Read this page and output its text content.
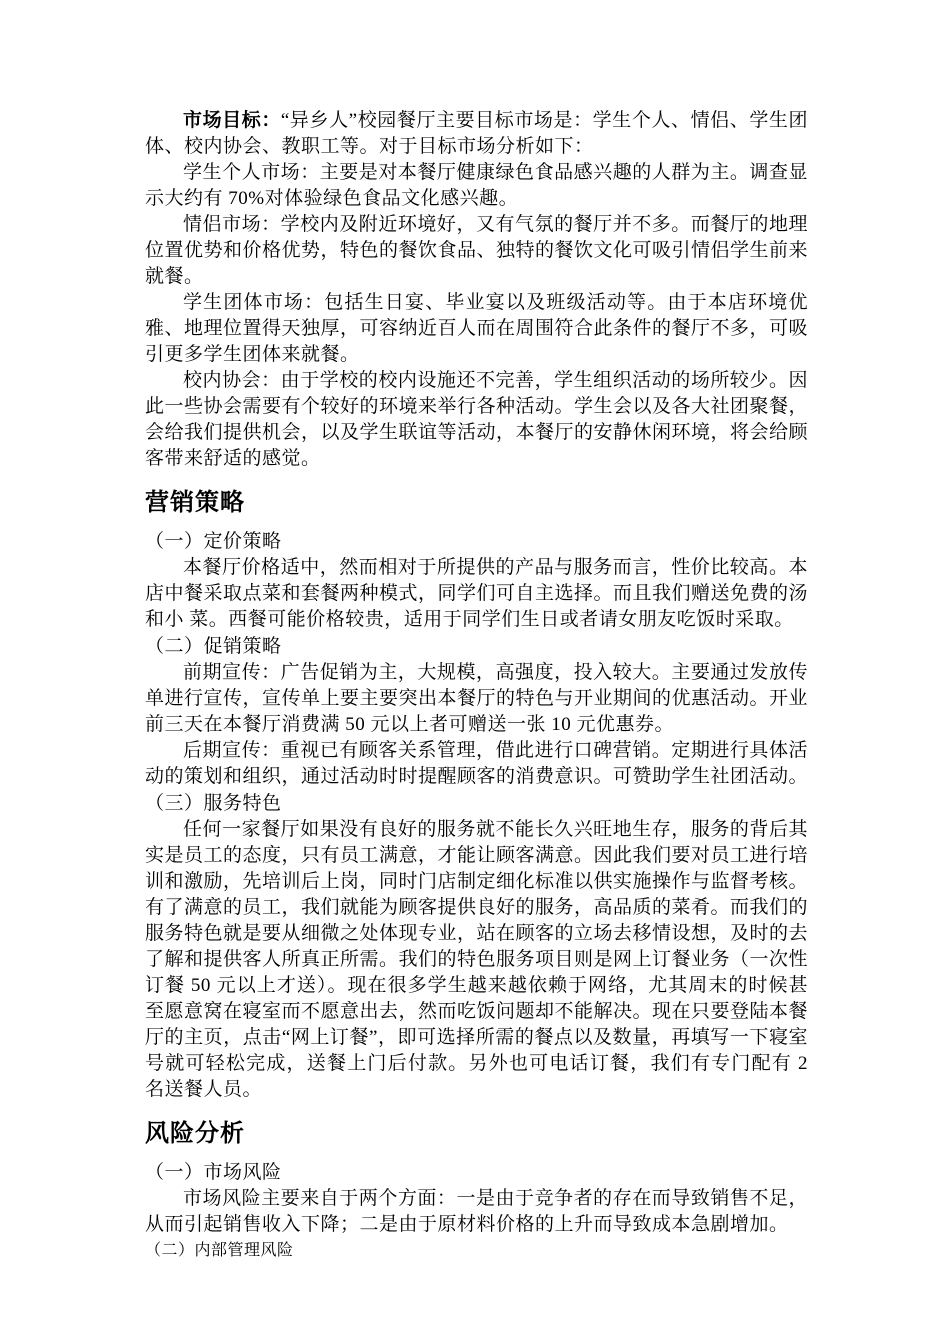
市场目标：“异乡人”校园餐厅主要目标市场是：学生个人、情侣、学生团体、校内协会、教职工等。对于目标市场分析如下：

学生个人市场：主要是对本餐厅健康绿色食品感兴趣的人群为主。调查显示大约有 70%对体验绿色食品文化感兴趣。

情侣市场：学校内及附近环境好，又有气氛的餐厅并不多。而餐厅的地理位置优势和价格优势，特色的餐饮食品、独特的餐饮文化可吸引情侣学生前来就餐。

学生团体市场：包括生日宴、毕业宴以及班级活动等。由于本店环境优雅、地理位置得天独厚，可容纳近百人而在周围符合此条件的餐厅不多，可吸引更多学生团体来就餐。

校内协会：由于学校的校内设施还不完善，学生组织活动的场所较少。因此一些协会需要有个较好的环境来举行各种活动。学生会以及各大社团聚餐，会给我们提供机会，以及学生联谊等活动，本餐厅的安静休闲环境，将会给顾客带来舒适的感觉。

营销策略

（一）定价策略

本餐厅价格适中，然而相对于所提供的产品与服务而言，性价比较高。本店中餐采取点菜和套餐两种模式，同学们可自主选择。而且我们赠送免费的汤和小 菜。西餐可能价格较贵，适用于同学们生日或者请女朋友吃饭时采取。

（二）促销策略

前期宣传：广告促销为主，大规模，高强度，投入较大。主要通过发放传单进行宣传，宣传单上要主要突出本餐厅的特色与开业期间的优惠活动。开业前三天在本餐厅消费满 50 元以上者可赠送一张 10 元优惠券。

后期宣传：重视已有顾客关系管理，借此进行口碑营销。定期进行具体活动的策划和组织，通过活动时时提醒顾客的消费意识。可赞助学生社团活动。

（三）服务特色

任何一家餐厅如果没有良好的服务就不能长久兴旺地生存，服务的背后其实是员工的态度，只有员工满意，才能让顾客满意。因此我们要对员工进行培训和激励，先培训后上岗，同时门店制定细化标准以供实施操作与监督考核。有了满意的员工，我们就能为顾客提供良好的服务，高品质的菜肴。而我们的服务特色就是要从细微之处体现专业，站在顾客的立场去移情设想，及时的去了解和提供客人所真正所需。我们的特色服务项目则是网上订餐业务（一次性订餐 50 元以上才送）。现在很多学生越来越依赖于网络，尤其周末的时候甚至愿意窝在寝室而不愿意出去，然而吃饭问题却不能解决。现在只要登陆本餐厅的主页，点击“网上订餐”，即可选择所需的餐点以及数量，再填写一下寝室号就可轻松完成，送餐上门后付款。另外也可电话订餐，我们有专门配有 2 名送餐人员。

风险分析

（一）市场风险

市场风险主要来自于两个方面：一是由于竞争者的存在而导致销售不足，从而引起销售收入下降；二是由于原材料价格的上升而导致成本急剧增加。

（二）内部管理风险
